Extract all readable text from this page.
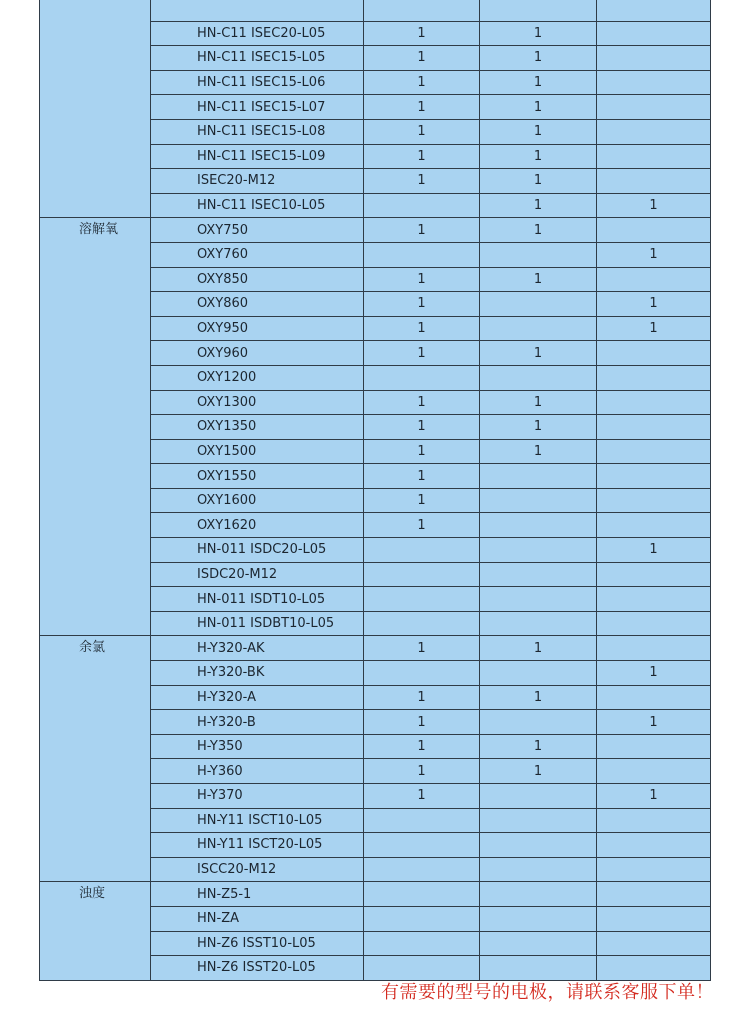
	HN-C11 ISEC20-L05	1	1	
	HN-C11 ISEC15-L05	1	1	
	HN-C11 ISEC15-L06	1	1	
	HN-C11 ISEC15-L07	1	1	
	HN-C11 ISEC15-L08	1	1	
	HN-C11 ISEC15-L09	1	1	
	ISEC20-M12	1	1	
	HN-C11 ISEC10-L05		1	1
溶解氧	OXY750	1	1	
	OXY760			1
	OXY850	1	1	
	OXY860	1		1
	OXY950	1		1
	OXY960	1	1	
	OXY1200			
	OXY1300	1	1	
	OXY1350	1	1	
	OXY1500	1	1	
	OXY1550	1		
	OXY1600	1		
	OXY1620	1		
	HN-011 ISDC20-L05			1
	ISDC20-M12			
	HN-011 ISDT10-L05			
	HN-011 ISDBT10-L05			
余氯	H-Y320-AK	1	1	
	H-Y320-BK			1
	H-Y320-A	1	1	
	H-Y320-B	1		1
	H-Y350	1	1	
	H-Y360	1	1	
	H-Y370	1		1
	HN-Y11 ISCT10-L05			
	HN-Y11 ISCT20-L05			
	ISCC20-M12			
浊度	HN-Z5-1			
	HN-ZA			
	HN-Z6 ISST10-L05			
	HN-Z6 ISST20-L05			
有需要的型号的电极，请联系客服下单！
